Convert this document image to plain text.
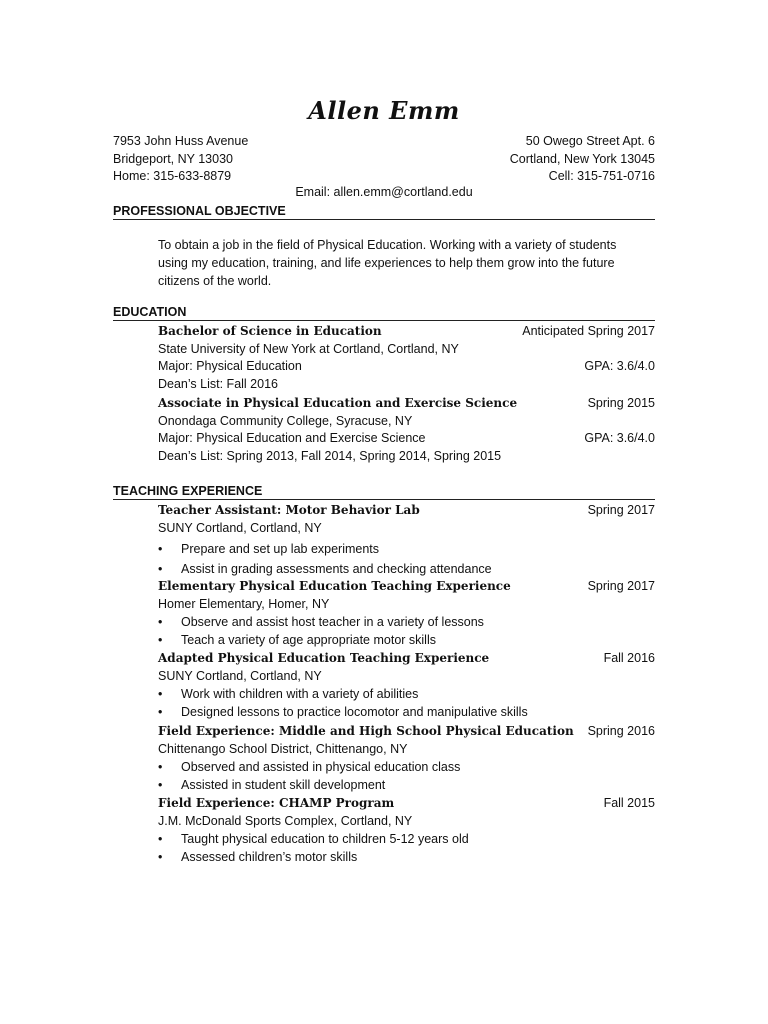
Allen Emm
7953 John Huss Avenue
Bridgeport, NY 13030
Home: 315-633-8879
50 Owego Street Apt. 6
Cortland, New York 13045
Cell: 315-751-0716
Email: allen.emm@cortland.edu
PROFESSIONAL OBJECTIVE
To obtain a job in the field of Physical Education. Working with a variety of students using my education, training, and life experiences to help them grow into the future citizens of the world.
EDUCATION
Bachelor of Science in Education	Anticipated Spring 2017
State University of New York at Cortland, Cortland, NY
Major: Physical Education	GPA: 3.6/4.0
Dean’s List: Fall 2016
Associate in Physical Education and Exercise Science	Spring 2015
Onondaga Community College, Syracuse, NY
Major: Physical Education and Exercise Science	GPA: 3.6/4.0
Dean’s List: Spring 2013, Fall 2014, Spring 2014, Spring 2015
TEACHING EXPERIENCE
Teacher Assistant: Motor Behavior Lab	Spring 2017
SUNY Cortland, Cortland, NY
•	Prepare and set up lab experiments
•	Assist in grading assessments and checking attendance
Elementary Physical Education Teaching Experience	Spring 2017
Homer Elementary, Homer, NY
•	Observe and assist host teacher in a variety of lessons
•	Teach a variety of age appropriate motor skills
Adapted Physical Education Teaching Experience	Fall 2016
SUNY Cortland, Cortland, NY
•	Work with children with a variety of abilities
•	Designed lessons to practice locomotor and manipulative skills
Field Experience: Middle and High School Physical Education Spring 2016
Chittenango School District, Chittenango, NY
•	Observed and assisted in physical education class
•	Assisted in student skill development
Field Experience: CHAMP Program	Fall 2015
J.M. McDonald Sports Complex, Cortland, NY
•	Taught physical education to children 5-12 years old
•	Assessed children’s motor skills
